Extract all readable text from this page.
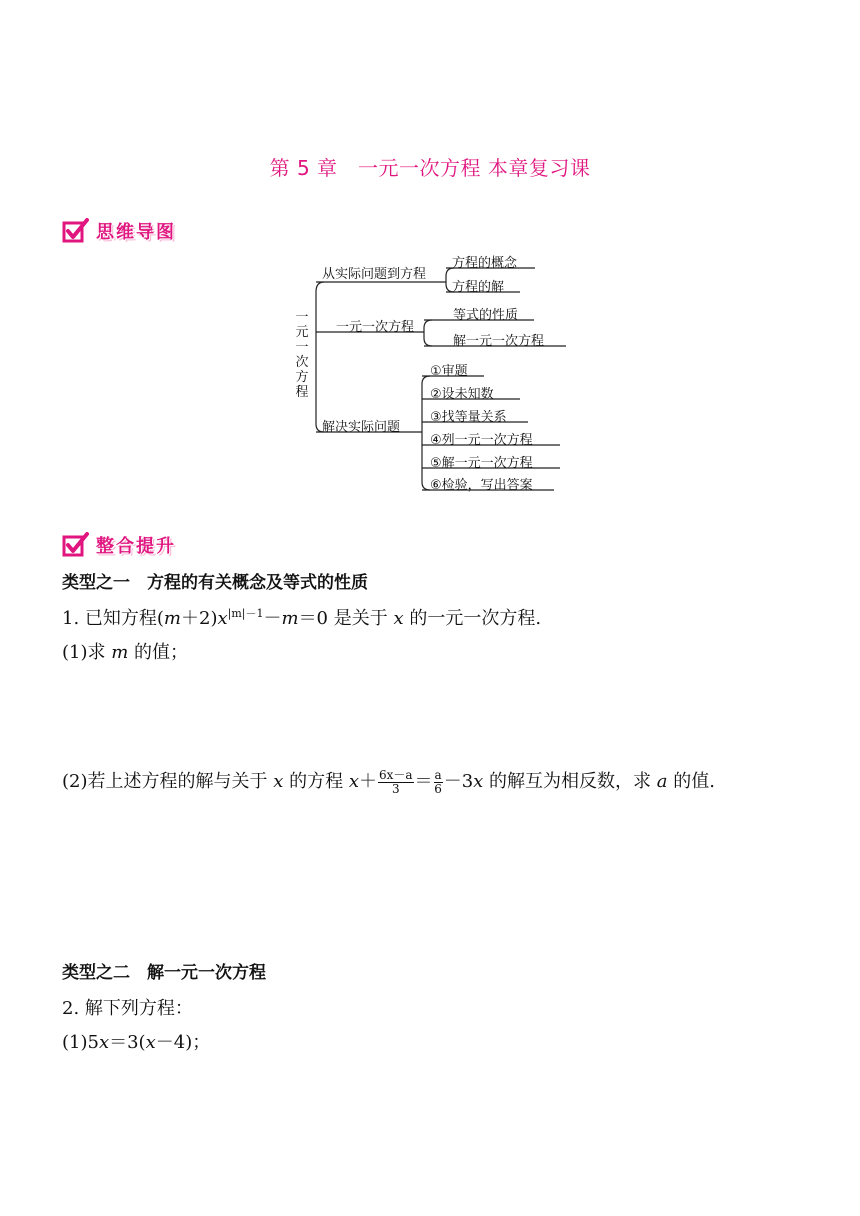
第 5 章　一元一次方程 本章复习课
思维导图
一
元
一
次
方
程
从实际问题到方程
一元一次方程
解决实际问题
方程的概念
方程的解
等式的性质
解一元一次方程
①审题
②设未知数
③找等量关系
④列一元一次方程
⑤解一元一次方程
⑥检验，写出答案
整合提升
类型之一　方程的有关概念及等式的性质
1. 已知方程$(m+2)x^{|m|-1}-m=0$ 是关于 x 的一元一次方程.
(1)求 m 的值；
(2)若上述方程的解与关于 x 的方程 $x+ \frac{6x-a}{3} = \frac{a}{6} -3x$ 的解互为相反数，求 a 的值.
类型之二　解一元一次方程
2. 解下列方程：
(1)5x＝3(x－4)；
